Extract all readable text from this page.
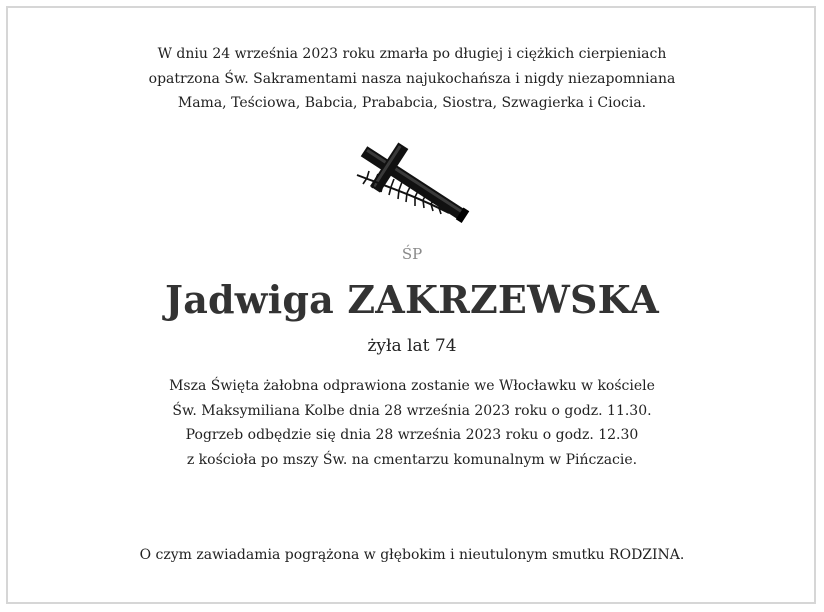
W dniu 24 września 2023 roku zmarła po długiej i ciężkich cierpieniach
opatrzona Św. Sakramentami nasza najukochańsza i nigdy niezapomniana
Mama, Teściowa, Babcia, Prababcia, Siostra, Szwagierka i Ciocia.
ŚP
Jadwiga ZAKRZEWSKA
żyła lat 74
Msza Święta żałobna odprawiona zostanie we Włocławku w kościele
Św. Maksymiliana Kolbe dnia 28 września 2023 roku o godz. 11.30.
Pogrzeb odbędzie się dnia 28 września 2023 roku o godz. 12.30
z kościoła po mszy Św. na cmentarzu komunalnym w Pińczacie.
O czym zawiadamia pogrążona w głębokim i nieutulonym smutku RODZINA.
